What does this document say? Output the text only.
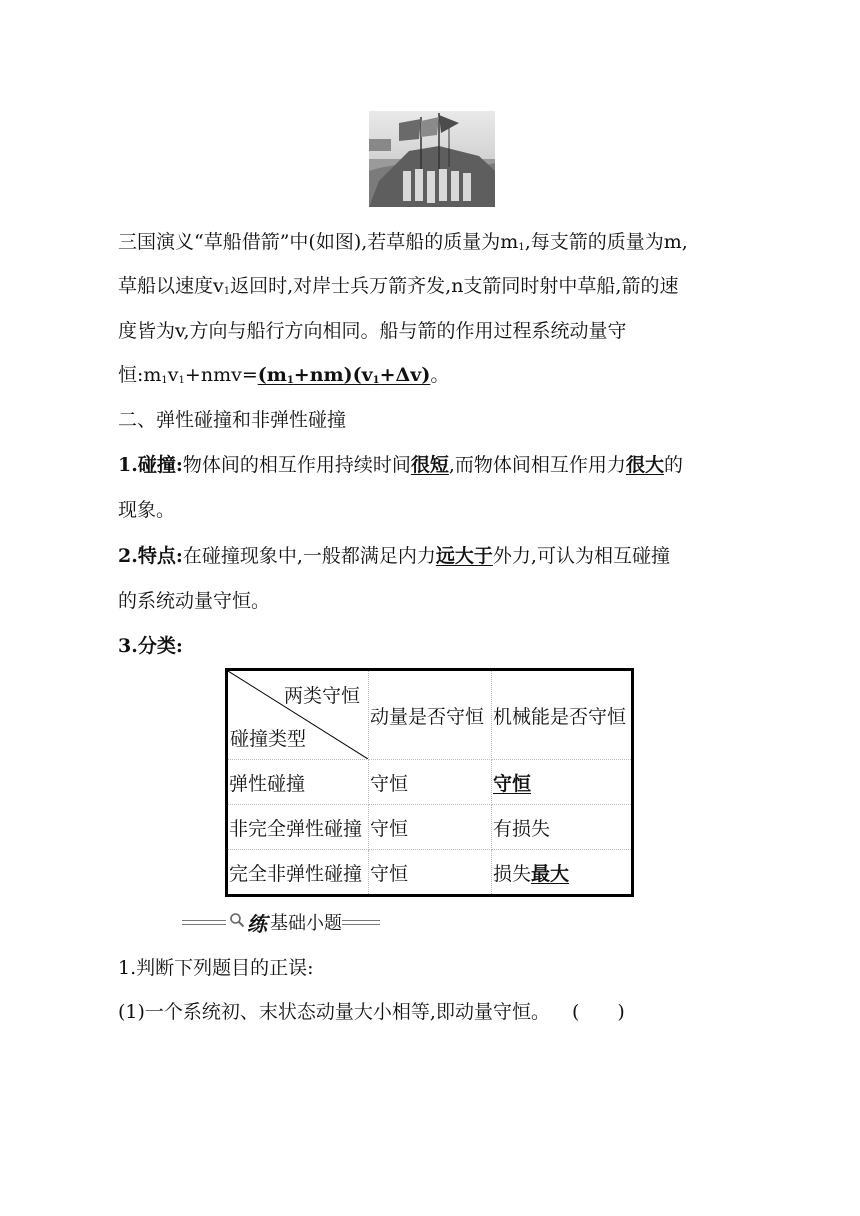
三国演义“草船借箭”中(如图),若草船的质量为$m_1$,每支箭的质量为m,
草船以速度$v_1$返回时,对岸士兵万箭齐发,n支箭同时射中草船,箭的速
度皆为v,方向与船行方向相同。船与箭的作用过程系统动量守
恒$:m_1v_1+nmv=(m_1+nm)(v_1+\Delta v)$。
二、弹性碰撞和非弹性碰撞
1.碰撞:物体间的相互作用持续时间很短,而物体间相互作用力很大的
现象。
2.特点:在碰撞现象中,一般都满足内力远大于外力,可认为相互碰撞
的系统动量守恒。
3.分类:
两类守恒
碰撞类型	动量是否守恒	机械能是否守恒
弹性碰撞	守恒	守恒
非完全弹性碰撞	守恒	有损失
完全非弹性碰撞	守恒	损失最大
练 基础小题
1.判断下列题目的正误:
(1)一个系统初、末状态动量大小相等,即动量守恒。 (　　)
